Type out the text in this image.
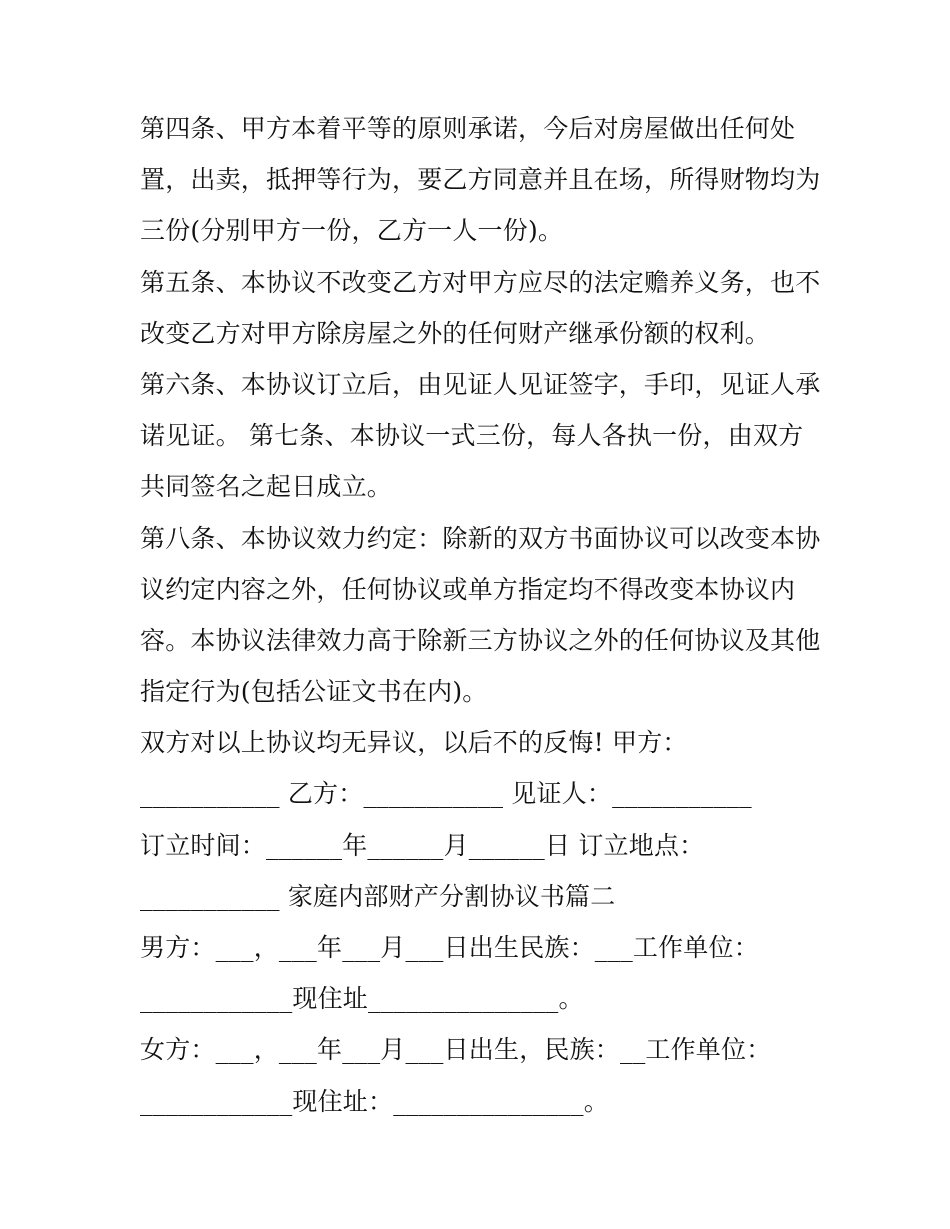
第四条、甲方本着平等的原则承诺，今后对房屋做出任何处
置，出卖，抵押等行为，要乙方同意并且在场，所得财物均为
三份(分别甲方一份，乙方一人一份)。
第五条、本协议不改变乙方对甲方应尽的法定赡养义务，也不
改变乙方对甲方除房屋之外的任何财产继承份额的权利。
第六条、本协议订立后，由见证人见证签字，手印，见证人承
诺见证。 第七条、本协议一式三份，每人各执一份，由双方
共同签名之起日成立。
第八条、本协议效力约定：除新的双方书面协议可以改变本协
议约定内容之外，任何协议或单方指定均不得改变本协议内
容。本协议法律效力高于除新三方协议之外的任何协议及其他
指定行为(包括公证文书在内)。
双方对以上协议均无异议，以后不的反悔! 甲方：
___________ 乙方：___________ 见证人：___________
订立时间：______年______月______日 订立地点：
___________ 家庭内部财产分割协议书篇二
男方：___，___年___月___日出生民族：___工作单位：
____________现住址_______________。
女方：___，___年___月___日出生，民族：__工作单位：
____________现住址：_______________。
